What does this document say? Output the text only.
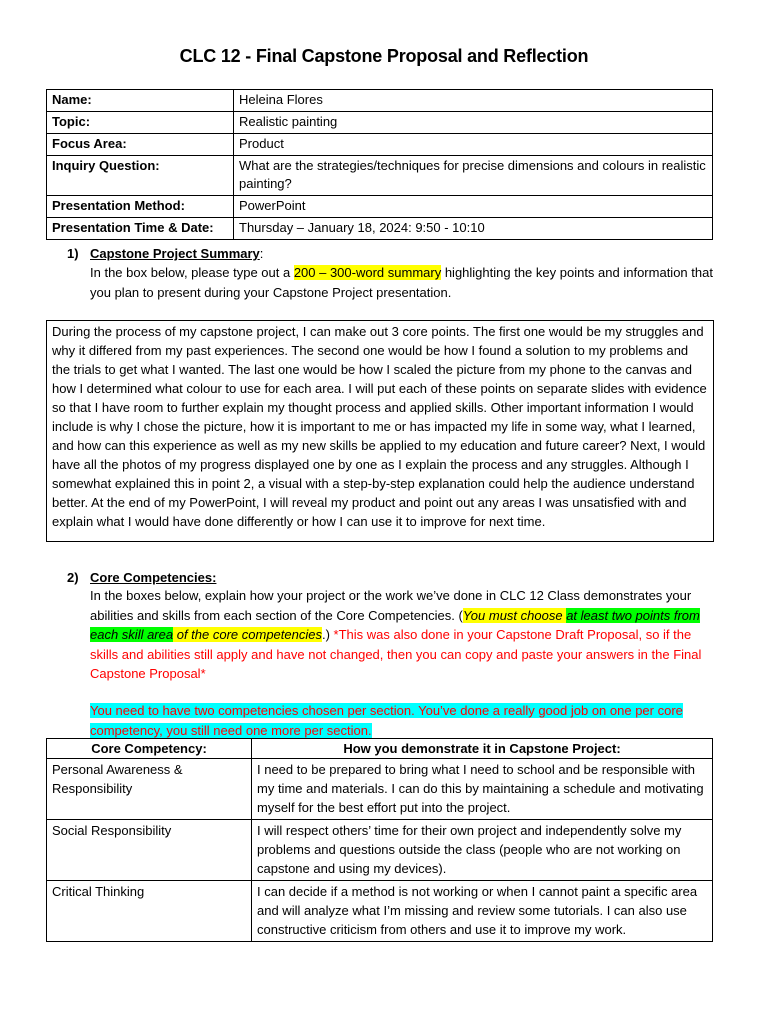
CLC 12 - Final Capstone Proposal and Reflection
Name:	Heleina Flores
Topic:	Realistic painting
Focus Area:	Product
Inquiry Question:	What are the strategies/techniques for precise dimensions and colours in realistic painting?
Presentation Method:	PowerPoint
Presentation Time & Date:	Thursday – January 18, 2024: 9:50 - 10:10
1) Capstone Project Summary:
In the box below, please type out a 200 – 300-word summary highlighting the key points and information that you plan to present during your Capstone Project presentation.
During the process of my capstone project, I can make out 3 core points. The first one would be my struggles and why it differed from my past experiences. The second one would be how I found a solution to my problems and the trials to get what I wanted. The last one would be how I scaled the picture from my phone to the canvas and how I determined what colour to use for each area. I will put each of these points on separate slides with evidence so that I have room to further explain my thought process and applied skills. Other important information I would include is why I chose the picture, how it is important to me or has impacted my life in some way, what I learned, and how can this experience as well as my new skills be applied to my education and future career? Next, I would have all the photos of my progress displayed one by one as I explain the process and any struggles. Although I somewhat explained this in point 2, a visual with a step-by-step explanation could help the audience understand better. At the end of my PowerPoint, I will reveal my product and point out any areas I was unsatisfied with and explain what I would have done differently or how I can use it to improve for next time.
2) Core Competencies:
In the boxes below, explain how your project or the work we’ve done in CLC 12 Class demonstrates your abilities and skills from each section of the Core Competencies. (You must choose at least two points from each skill area of the core competencies.) *This was also done in your Capstone Draft Proposal, so if the skills and abilities still apply and have not changed, then you can copy and paste your answers in the Final Capstone Proposal*
You need to have two competencies chosen per section. You’ve done a really good job on one per core competency, you still need one more per section.
Core Competency:	How you demonstrate it in Capstone Project:
Personal Awareness & Responsibility	I need to be prepared to bring what I need to school and be responsible with my time and materials. I can do this by maintaining a schedule and motivating myself for the best effort put into the project.
Social Responsibility	I will respect others’ time for their own project and independently solve my problems and questions outside the class (people who are not working on capstone and using my devices).
Critical Thinking	I can decide if a method is not working or when I cannot paint a specific area and will analyze what I’m missing and review some tutorials. I can also use constructive criticism from others and use it to improve my work.
